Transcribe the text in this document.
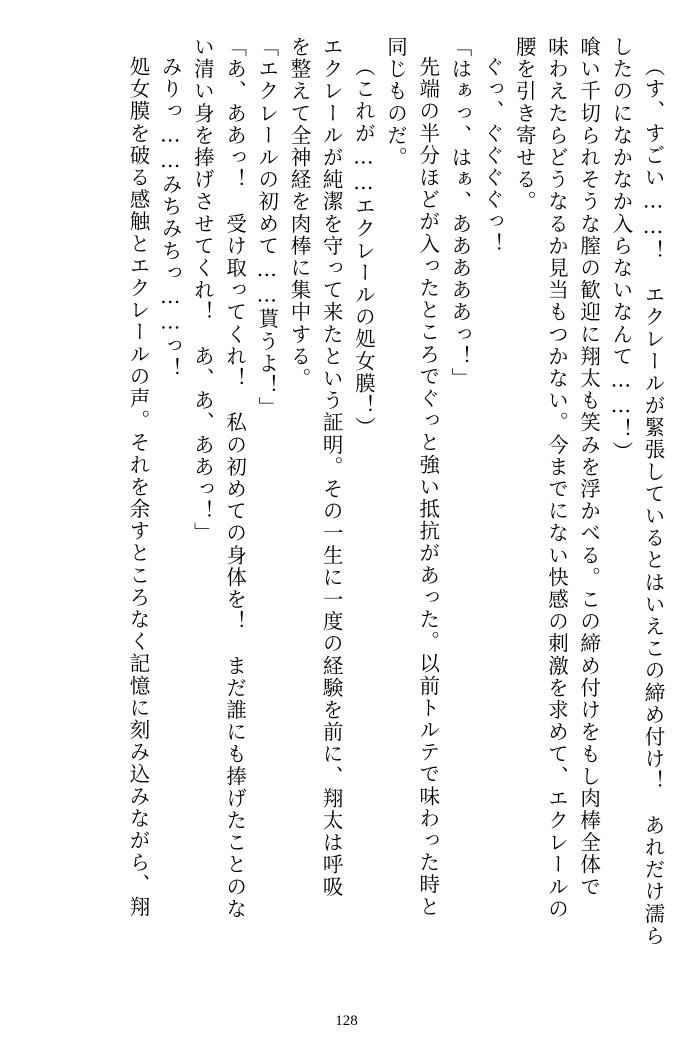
（す、すごい……！　エクレールが緊張しているとはいえこの締め付け！　あれだけ濡ら
したのになかなか入らないなんて……！）
喰い千切られそうな膣の歓迎に翔太も笑みを浮かべる。この締め付けをもし肉棒全体で
味わえたらどうなるか見当もつかない。今までにない快感の刺激を求めて、エクレールの
腰を引き寄せる。
ぐっ、ぐぐぐぐっ！
「はぁっ、はぁ、あああああっ！」
先端の半分ほどが入ったところでぐっと強い抵抗があった。以前トルテで味わった時と
同じものだ。
（これが……エクレールの処女膜！）
エクレールが純潔を守って来たという証明。その一生に一度の経験を前に、翔太は呼吸
を整えて全神経を肉棒に集中する。
「エクレールの初めて……貰うよ！」
「あ、ああっ！　受け取ってくれ！　私の初めての身体を！　まだ誰にも捧げたことのな
い清い身を捧げさせてくれ！　あ、あ、ああっ！」
みりっ……みちみちっ……っ！
処女膜を破る感触とエクレールの声。それを余すところなく記憶に刻み込みながら、翔
128
